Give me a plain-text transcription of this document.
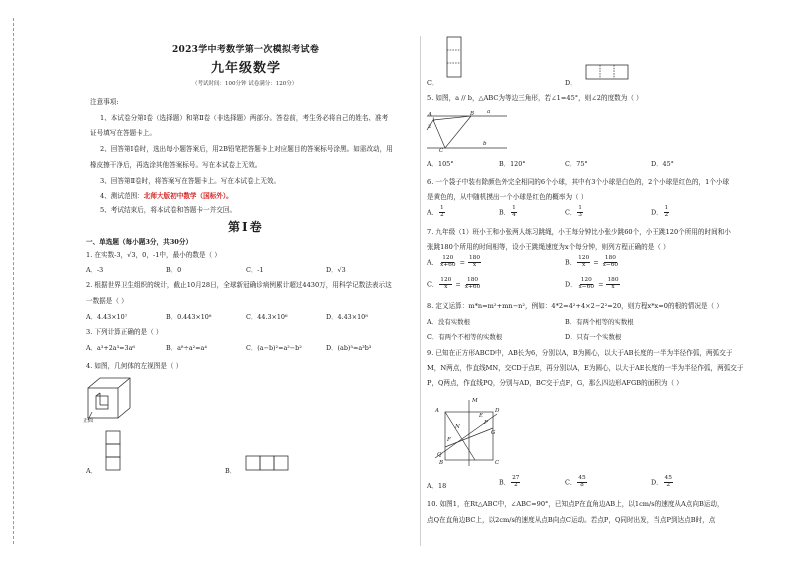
2023学中考数学第一次模拟考试卷
九年级数学
（考试时间：100分钟 试卷满分：120分）
注意事项:
1、本试卷分第Ⅰ卷（选择题）和第Ⅱ卷（非选择题）两部分。答卷前，考生务必将自己的姓名、准考
证号填写在答题卡上。
2、回答第Ⅰ卷时，选出每小题答案后，用2B铅笔把答题卡上对应题目的答案标号涂黑。如需改动，用
橡皮擦干净后，再选涂其他答案标号。写在本试卷上无效。
3、回答第Ⅱ卷时，将答案写在答题卡上。写在本试卷上无效。
4、测试范围：北师大版初中数学（国标外）。
5、考试结束后，将本试卷和答题卡一并交回。
第Ⅰ卷
一、单选题（每小题3分，共30分）
1. 在实数-3，√3，0，-1中，最小的数是（ ）
A．-3	B．0	C．-1	D．√3
2. 根据世界卫生组织的统计，截止10月28日，全球新冠确诊病例累计超过4430万，用科学记数法表示这
一数据是（ ）
A．4.43×10⁷	B．0.443×10⁸	C．44.3×10⁶	D．4.43×10⁸
3. 下列计算正确的是（ ）
A．a³+2a³=3a⁶	B．a⁸÷a²=a⁴	C．(a−b)²=a²−b²	D．(ab)³=a³b³
4. 如图，几何体的左视图是（ ）
正面
A．	B．
C．	D．
5. 如图，a // b，△ABC为等边三角形，若∠1=45°，则∠2的度数为（ ）
a
b
A	B
C
1
2
A．105°	B．120°	C．75°	D．45°
6. 一个袋子中装有除颜色外完全相同的6个小球，其中有3个小球是白色的，2个小球是红色的，1个小球
是黄色的，从中随机摸出一个小球是红色的概率为（ ）
A． $\frac{1}{2}$	B． $\frac{1}{4}$	C． $\frac{1}{3}$	D． $\frac{1}{2}$
7. 九年级（1）班小王和小张两人练习跳绳，小王每分钟比小张少跳60个，小王跳120个所用的时间和小
张跳180个所用的时间相等，设小王跳绳速度为x个每分钟，则列方程正确的是（ ）
A． $\frac{120}{x+60} = \frac{180}{x}$	B． $\frac{120}{x} = \frac{180}{x-60}$
C． $\frac{120}{x} = \frac{180}{x+60}$	D． $\frac{120}{x-60} = \frac{180}{x}$
8. 定义运算：m*n=m²+mn−n²，例如：4*2=4²+4×2−2²=20，则方程x*x=0的根的情况是（ ）
A．没有实数根	B．有两个相等的实数根
C．有两个不相等的实数根	D．只有一个实数根
9. 已知在正方形ABCD中，AB长为6，分别以A，B为圆心，以大于AB长度的一半为半径作弧，两弧交于
M，N两点，作直线MN，交CD于点E，再分别以A，E为圆心，以大于AE长度的一半为半径作弧，两弧交于
P，Q两点，作直线PQ，分别与AD，BC交于点F，G，那么四边形AFGB的面积为（ ）
A	D
M
E
P
N
F
G
Q
B	C
A．18	B． $\frac{27}{2}$	C． $\frac{45}{8}$	D． $\frac{45}{2}$
10. 如图1，在Rt△ABC中，∠ABC=90°，已知点P在直角边AB上，以1cm/s的速度从A点向B运动，
点Q在直角边BC上，以2cm/s的速度从点B向点C运动。若点P，Q同时出发，当点P到达点B时，点
